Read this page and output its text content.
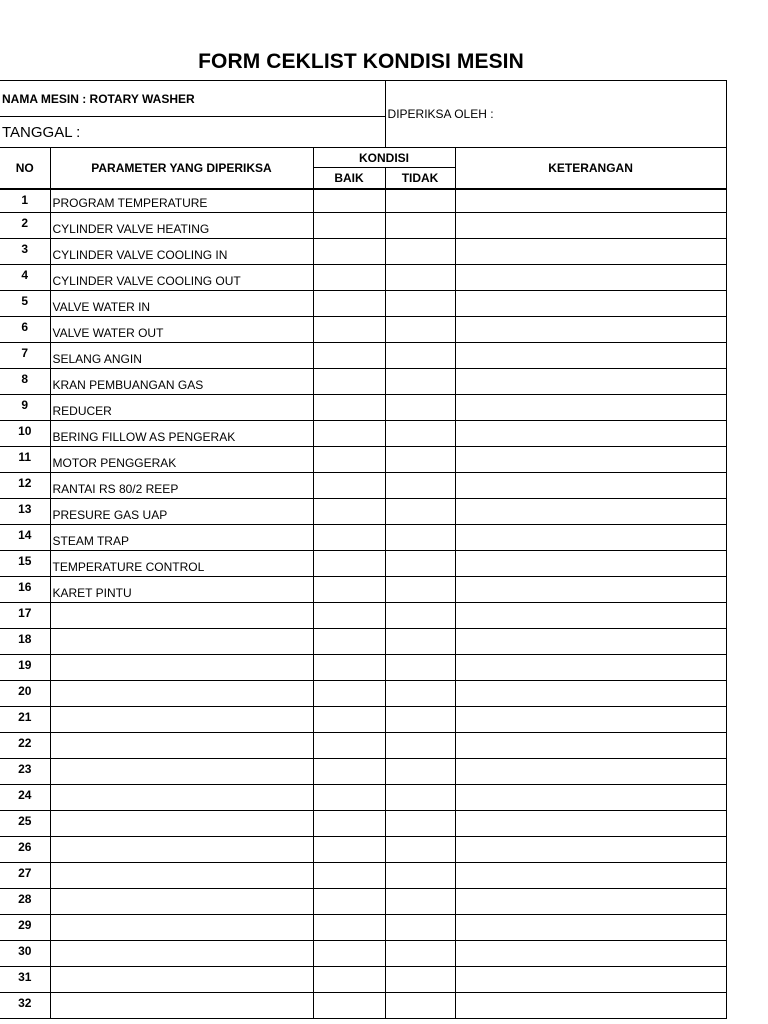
FORM CEKLIST KONDISI MESIN
NAMA MESIN : ROTARY WASHER			DIPERIKSA OLEH :	
TANGGAL :				
NO	PARAMETER YANG DIPERIKSA	KONDISI		KETERANGAN
		BAIK	TIDAK	
1	PROGRAM TEMPERATURE			
2	CYLINDER VALVE HEATING			
3	CYLINDER VALVE COOLING IN			
4	CYLINDER VALVE COOLING OUT			
5	VALVE WATER IN			
6	VALVE WATER OUT			
7	SELANG ANGIN			
8	KRAN PEMBUANGAN GAS			
9	REDUCER			
10	BERING FILLOW AS PENGERAK			
11	MOTOR PENGGERAK			
12	RANTAI RS 80/2 REEP			
13	PRESURE GAS UAP			
14	STEAM TRAP			
15	TEMPERATURE CONTROL			
16	KARET PINTU			
17				
18				
19				
20				
21				
22				
23				
24				
25				
26				
27				
28				
29				
30				
31				
32				
